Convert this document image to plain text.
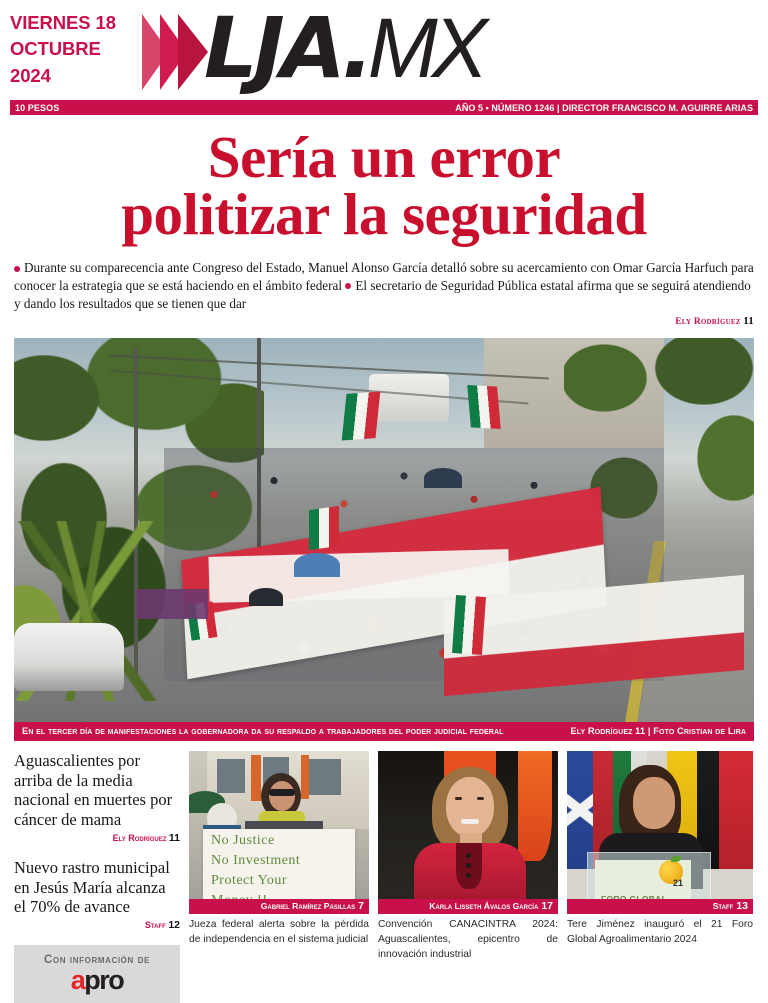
VIERNES 18
OCTUBRE
2024	LJA.MX
10 PESOS	AÑO 5 • NÚMERO 1246 | DIRECTOR FRANCISCO M. AGUIRRE ARIAS
Sería un error
politizar la seguridad
Durante su comparecencia ante Congreso del Estado, Manuel Alonso García detalló sobre su acercamiento con Omar García Harfuch para conocer la estrategia que se está haciendo en el ámbito federal El secretario de Seguridad Pública estatal afirma que se seguirá atendiendo y dando los resultados que se tienen que dar
Ely Rodríguez 11
En el tercer día de manifestaciones la gobernadora da su respaldo a trabajadores del poder judicial federal	Ely Rodríguez 11 | Foto Cristian de Lira
Aguascalientes por arriba de la media nacional en muertes por cáncer de mama
Ely Rodríguez 11
Nuevo rastro municipal en Jesús María alcanza el 70% de avance
Staff 12
Con información de
apro
No Justice
No Investment
Protect Your
Gabriel Ramírez Pasillas 7
Jueza federal alerta sobre la pérdida de independencia en el sistema judicial
Karla Lisseth Ávalos García 17
Convención CANACINTRA 2024: Aguascalientes, epicentro de innovación industrial
21
Staff 13
Tere Jiménez inauguró el 21 Foro Global Agroalimentario 2024
